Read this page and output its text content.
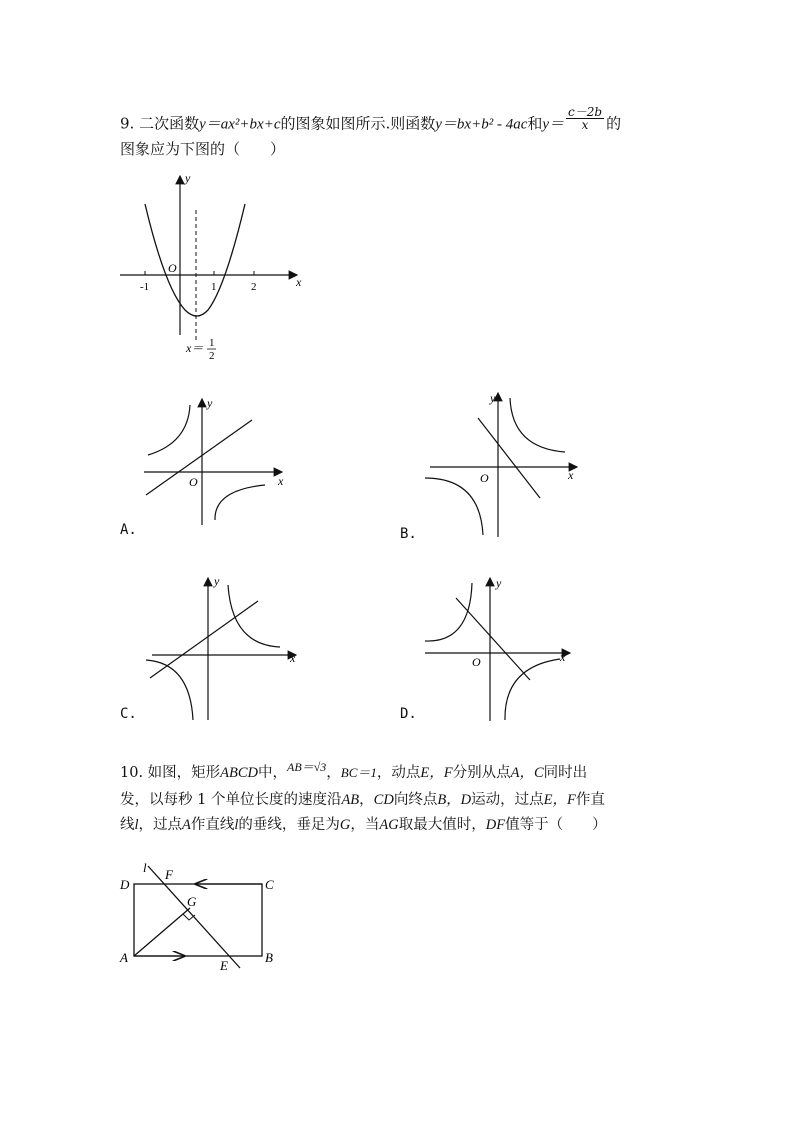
9. 二次函数y＝ax²+bx+c的图象如图所示.则函数y＝bx+b² - 4ac和$y= \frac{c-2b}{x}$ 的
图象应为下图的（　　）
y
x
O
-1	1	2
x＝ 1
2
y
x
O
A.
y
x
O
B.
y
x
C.
y
x
O
D.
10. 如图，矩形ABCD中，$^{AB=√3}$，BC＝1，动点E，F分别从点A，C同时出
发，以每秒 1 个单位长度的速度沿AB，CD向终点B，D运动，过点E，F作直
线l，过点A作直线l的垂线，垂足为G，当AG取最大值时，DF值等于（　　）
D	C
A	B
E
F
G
l
